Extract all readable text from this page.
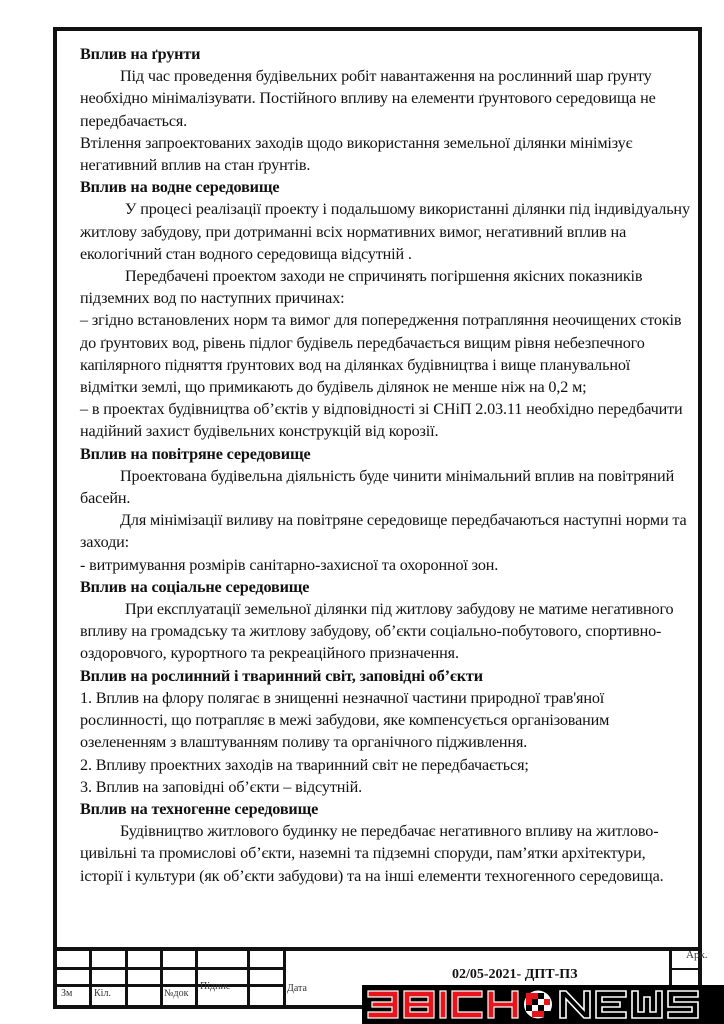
Вплив на ґрунти

Під час проведення будівельних робіт навантаження на рослинний шар ґрунту необхідно мінімалізувати. Постійного впливу на елементи ґрунтового середовища не передбачається.

Втілення запроектованих заходів щодо використання земельної ділянки мінімізує негативний вплив на стан ґрунтів.

Вплив на водне середовище

У процесі реалізації проекту і подальшому використанні ділянки під індивідуальну житлову забудову, при дотриманні всіх нормативних вимог, негативний вплив на екологічний стан водного середовища відсутній .

Передбачені проектом заходи не спричинять погіршення якісних показників підземних вод по наступних причинах:

– згідно встановлених норм та вимог для попередження потрапляння неочищених стоків до ґрунтових вод, рівень підлог будівель передбачається вищим рівня небезпечного капілярного підняття ґрунтових вод на ділянках будівництва і вище планувальної відмітки землі, що примикають до будівель ділянок не менше ніж на 0,2 м;

– в проектах будівництва об’єктів у відповідності зі СНіП 2.03.11 необхідно передбачити надійний захист будівельних конструкцій від корозії.

Вплив на повітряне середовище

Проектована будівельна діяльність буде чинити мінімальний вплив на повітряний басейн.

Для мінімізації виливу на повітряне середовище передбачаються наступні норми та заходи:

- витримування розмірів санітарно-захисної та охоронної зон.

Вплив на соціальне середовище

При експлуатації земельної ділянки під житлову забудову не матиме негативного впливу на громадську та житлову забудову, об’єкти соціально-побутового, спортивно-оздоровчого, курортного та рекреаційного призначення.

Вплив на рослинний і тваринний світ, заповідні об’єкти

1. Вплив на флору полягає в знищенні незначної частини природної трав'яної рослинності, що потрапляє в межі забудови, яке компенсується організованим озелененням з влаштуванням поливу та органічного підживлення.

2. Впливу проектних заходів на тваринний світ не передбачається;

3. Вплив на заповідні об’єкти – відсутній.

Вплив на техногенне середовище

Будівництво житлового будинку не передбачає негативного впливу на житлово-цивільні та промислові об’єкти, наземні та підземні споруди, пам’ятки архітектури, історії і культури (як об’єкти забудови) та на інші елементи техногенного середовища.

Зм Кіл.	№док
Підпис	Дата
02/05-2021- ДПТ-ПЗ
Арк.
